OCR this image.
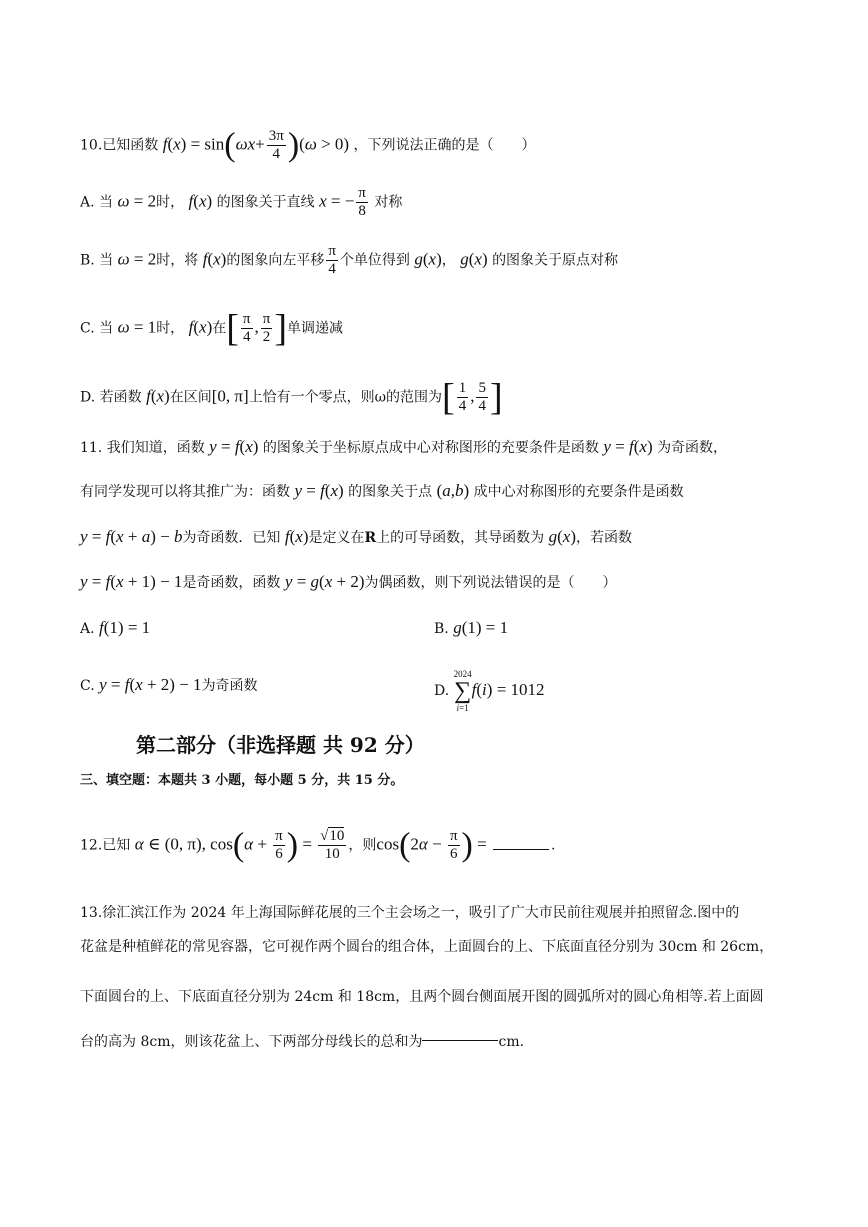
10.已知函数 $f(x) = \sin(\omega x+ \frac{3\pi}{4} )(\omega > 0)$ ，下列说法正确的是（　　）
A. 当 ω = 2时， f(x) 的图象关于直线 x = − $\frac{\pi}{8}$ 对称
B. 当 ω = 2时，将 f(x)的图象向左平移 $\frac{\pi}{4}$ 个单位得到 g(x)， g(x) 的图象关于原点对称
C. 当 ω = 1时， f(x)在[ $\frac{\pi}{4}$ , $\frac{\pi}{2}$ ]单调递减
D. 若函数 f(x)在区间[0, π]上恰有一个零点，则ω的范围为[ $\frac{1}{4}$ , $\frac{5}{4}$ ]
11. 我们知道，函数 y = f(x) 的图象关于坐标原点成中心对称图形的充要条件是函数 y = f(x) 为奇函数，
有同学发现可以将其推广为：函数 y = f(x) 的图象关于点 (a,b) 成中心对称图形的充要条件是函数
y = f(x + a) − b为奇函数．已知 f(x)是定义在R上的可导函数，其导函数为 g(x)，若函数
y = f(x + 1) − 1是奇函数，函数 y = g(x + 2)为偶函数，则下列说法错误的是（　　）
A. f(1) = 1	B. g(1) = 1
C. y = f(x + 2) − 1为奇函数	D.
2024
∑
i=1
f(i) = 1012
第二部分（非选择题 共 92 分）
三、填空题：本题共 3 小题，每小题 5 分，共 15 分。
12.已知 α ∈ (0, π), $\cos(\alpha + \frac{\pi}{6}$ ) = $\frac{√10}{10}$ ，则$\cos(2\alpha - \frac{\pi}{6}$ ) =	.
13.徐汇滨江作为 2024 年上海国际鲜花展的三个主会场之一，吸引了广大市民前往观展并拍照留念.图中的
花盆是种植鲜花的常见容器，它可视作两个圆台的组合体，上面圆台的上、下底面直径分别为 30cm 和 26cm，
下面圆台的上、下底面直径分别为 24cm 和 18cm，且两个圆台侧面展开图的圆弧所对的圆心角相等.若上面圆
台的高为 8cm，则该花盆上、下两部分母线长的总和为	cm.
